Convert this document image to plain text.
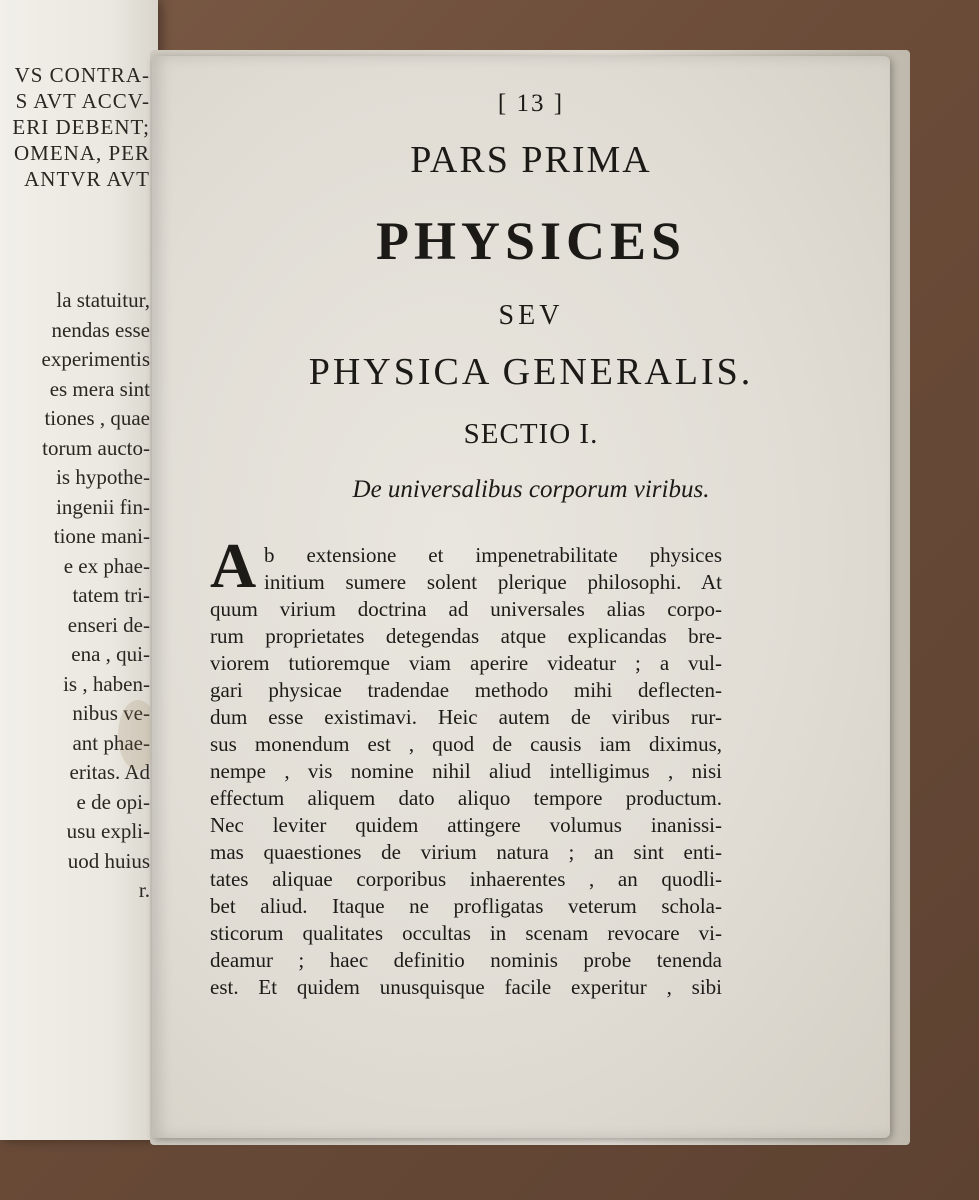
VS CONTRA-
S AVT ACCV-
ERI DEBENT;
OMENA, PER
ANTVR AVT
la statuitur,
nendas esse
experimentis
es mera sint
tiones , quae
torum aucto-
is hypothe-
ingenii fin-
tione mani-
e ex phae-
tatem tri-
enseri de-
ena , qui-
is , haben-
nibus ve-
ant phae-
eritas. Ad
e de opi-
usu expli-
uod huius
r.
[ 13 ]
PARS PRIMA
PHYSICES
SEV
PHYSICA GENERALIS.
SECTIO I.
De universalibus corporum viribus.
A b extensione et impenetrabilitate physices
initium sumere solent plerique philosophi. At
quum virium doctrina ad universales alias corpo-
rum proprietates detegendas atque explicandas bre-
viorem tutioremque viam aperire videatur ; a vul-
gari physicae tradendae methodo mihi deflecten-
dum esse existimavi. Heic autem de viribus rur-
sus monendum est , quod de causis iam diximus,
nempe , vis nomine nihil aliud intelligimus , nisi
effectum aliquem dato aliquo tempore productum.
Nec leviter quidem attingere volumus inanissi-
mas quaestiones de virium natura ; an sint enti-
tates aliquae corporibus inhaerentes , an quodli-
bet aliud. Itaque ne profligatas veterum schola-
sticorum qualitates occultas in scenam revocare vi-
deamur ; haec definitio nominis probe tenenda
est. Et quidem unusquisque facile experitur , sibi
